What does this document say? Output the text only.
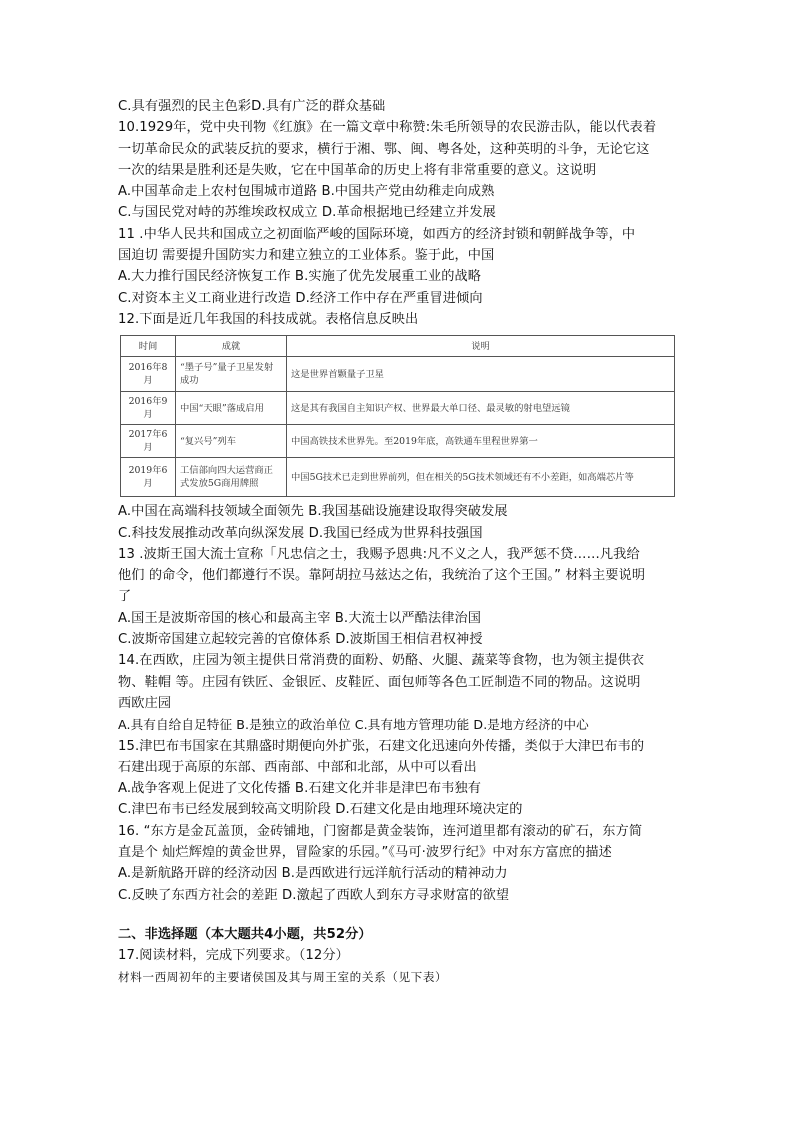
C.具有强烈的民主色彩D.具有广泛的群众基础
10.1929年，党中央刊物《红旗》在一篇文章中称赞:朱毛所领导的农民游击队，能以代表着
一切革命民众的武装反抗的要求，横行于湘、鄂、闽、粤各处，这种英明的斗争，无论它这
一次的结果是胜利还是失败，它在中国革命的历史上将有非常重要的意义。这说明
A.中国革命走上农村包围城市道路 B.中国共产党由幼稚走向成熟
C.与国民党对峙的苏维埃政权成立 D.革命根据地已经建立并发展
11 .中华人民共和国成立之初面临严峻的国际环境，如西方的经济封锁和朝鲜战争等，中
国迫切 需要提升国防实力和建立独立的工业体系。鉴于此，中国
A.大力推行国民经济恢复工作 B.实施了优先发展重工业的战略
C.对资本主义工商业进行改造 D.经济工作中存在严重冒进倾向
12.下面是近几年我国的科技成就。表格信息反映出
时间	成就	说明
2016年8月	“墨子号”量子卫星发射成功	这是世界首颗量子卫星
2016年9月	中国“天眼”落成启用	这是其有我国自主知识产权、世界最大单口径、最灵敏的射电望远镜
2017年6月	“复兴号”列车	中国高铁技术世界先。至2019年底，高铁通车里程世界第一
2019年6月	工信部向四大运营商正式发放5G商用牌照	中国5G技术已走到世界前列，但在相关的5G技术领域还有不小差距，如高端芯片等
A.中国在高端科技领域全面领先 B.我国基础设施建设取得突破发展
C.科技发展推动改革向纵深发展 D.我国已经成为世界科技强国
13 .波斯王国大流士宣称「凡忠信之士，我赐予恩典:凡不义之人，我严惩不贷……凡我给
他们 的命令，他们都遵行不误。靠阿胡拉马兹达之佑，我统治了这个王国。” 材料主要说明
了
A.国王是波斯帝国的核心和最高主宰 B.大流士以严酷法律治国
C.波斯帝国建立起较完善的官僚体系 D.波斯国王相信君权神授
14.在西欧，庄园为领主提供日常消费的面粉、奶酪、火腿、蔬菜等食物，也为领主提供衣
物、鞋帽 等。庄园有铁匠、金银匠、皮鞋匠、面包师等各色工匠制造不同的物品。这说明
西欧庄园
A.具有自给自足特征 B.是独立的政治单位 C.具有地方管理功能 D.是地方经济的中心
15.津巴布韦国家在其鼎盛时期便向外扩张，石建文化迅速向外传播，类似于大津巴布韦的
石建出现于高原的东部、西南部、中部和北部，从中可以看出
A.战争客观上促进了文化传播 B.石建文化并非是津巴布韦独有
C.津巴布韦已经发展到较高文明阶段 D.石建文化是由地理环境决定的
16. “东方是金瓦盖顶，金砖铺地，门窗都是黄金装饰，连河道里都有滚动的矿石，东方简
直是个 灿烂辉煌的黄金世界，冒险家的乐园。”《马可·波罗行纪》中对东方富庶的描述
A.是新航路开辟的经济动因 B.是西欧进行远洋航行活动的精神动力
C.反映了东西方社会的差距 D.激起了西欧人到东方寻求财富的欲望
二、非选择题（本大题共4小题，共52分）
17.阅读材料，完成下列要求。（12分）
材料一西周初年的主要诸侯国及其与周王室的关系（见下表）
